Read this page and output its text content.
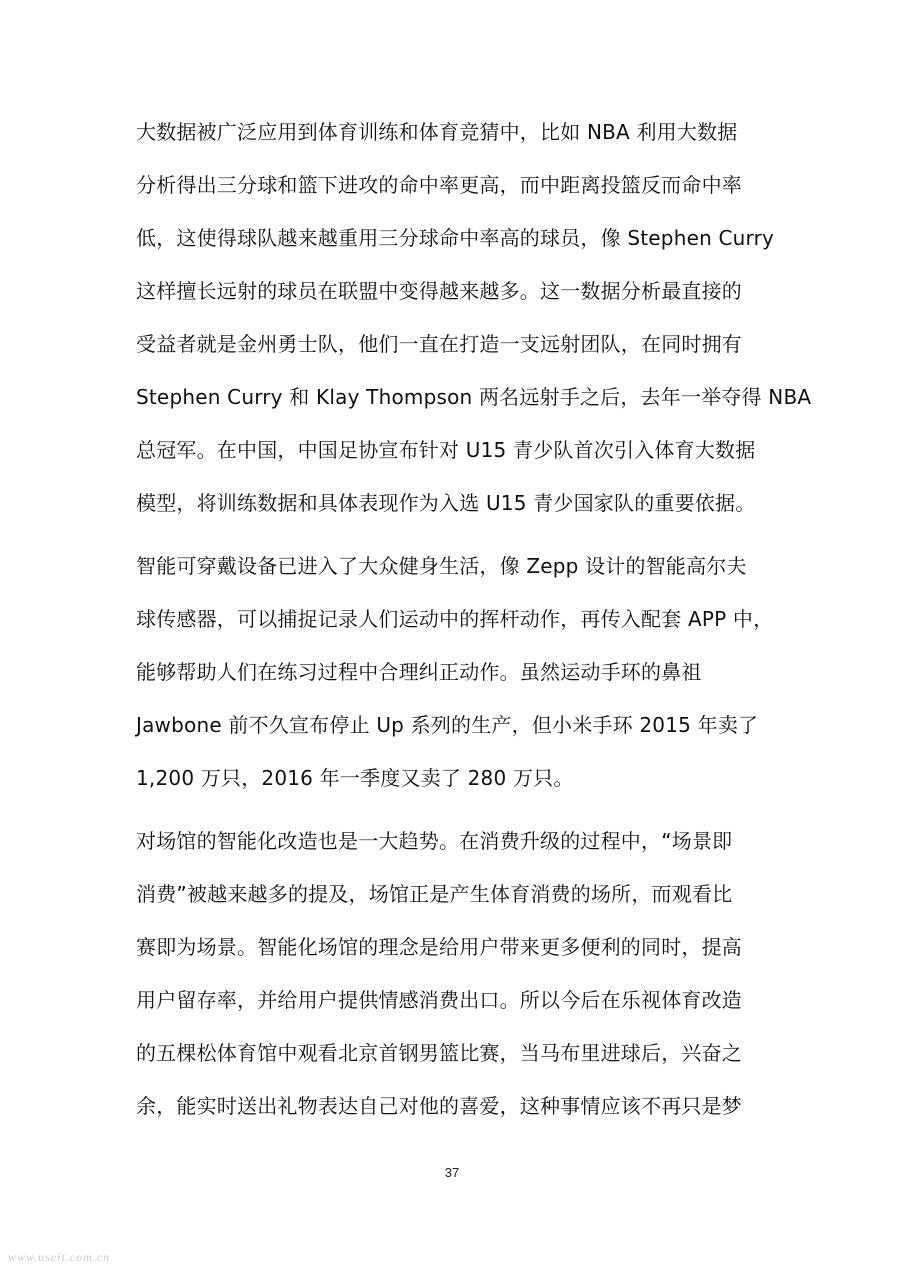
大数据被广泛应用到体育训练和体育竞猜中，比如 NBA 利用大数据
分析得出三分球和篮下进攻的命中率更高，而中距离投篮反而命中率
低，这使得球队越来越重用三分球命中率高的球员，像 Stephen Curry
这样擅长远射的球员在联盟中变得越来越多。这一数据分析最直接的
受益者就是金州勇士队，他们一直在打造一支远射团队，在同时拥有
Stephen Curry 和 Klay Thompson 两名远射手之后，去年一举夺得 NBA
总冠军。在中国，中国足协宣布针对 U15 青少队首次引入体育大数据
模型，将训练数据和具体表现作为入选 U15 青少国家队的重要依据。
智能可穿戴设备已进入了大众健身生活，像 Zepp 设计的智能高尔夫
球传感器，可以捕捉记录人们运动中的挥杆动作，再传入配套 APP 中，
能够帮助人们在练习过程中合理纠正动作。虽然运动手环的鼻祖
Jawbone 前不久宣布停止 Up 系列的生产，但小米手环 2015 年卖了
1,200 万只，2016 年一季度又卖了 280 万只。
对场馆的智能化改造也是一大趋势。在消费升级的过程中，“场景即
消费”被越来越多的提及，场馆正是产生体育消费的场所，而观看比
赛即为场景。智能化场馆的理念是给用户带来更多便利的同时，提高
用户留存率，并给用户提供情感消费出口。所以今后在乐视体育改造
的五棵松体育馆中观看北京首钢男篮比赛，当马布里进球后，兴奋之
余，能实时送出礼物表达自己对他的喜爱，这种事情应该不再只是梦
37
www.useit.com.cn
